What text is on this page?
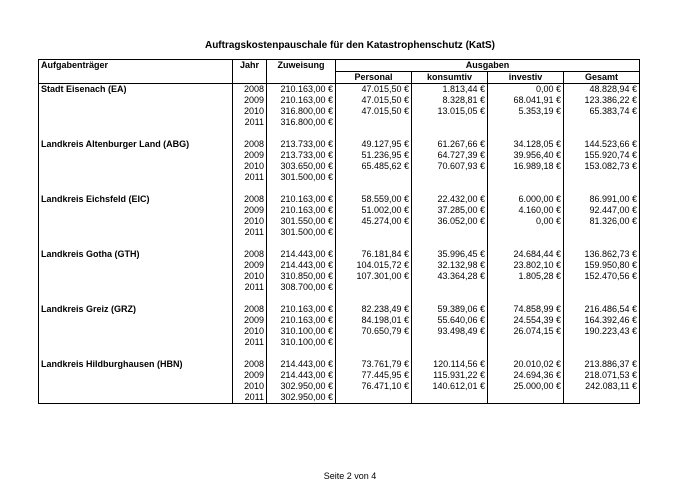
Auftragskostenpauschale für den Katastrophenschutz (KatS)
Aufgabenträger	Jahr	Zuweisung	Ausgaben			
			Personal	konsumtiv	investiv	Gesamt
Stadt Eisenach (EA)	2008	210.163,00 €	47.015,50 €	1.813,44 €	0,00 €	48.828,94 €
	2009	210.163,00 €	47.015,50 €	8.328,81 €	68.041,91 €	123.386,22 €
	2010	316.800,00 €	47.015,50 €	13.015,05 €	5.353,19 €	65.383,74 €
	2011	316.800,00 €				

Landkreis Altenburger Land (ABG)	2008	213.733,00 €	49.127,95 €	61.267,66 €	34.128,05 €	144.523,66 €
	2009	213.733,00 €	51.236,95 €	64.727,39 €	39.956,40 €	155.920,74 €
	2010	303.650,00 €	65.485,62 €	70.607,93 €	16.989,18 €	153.082,73 €
	2011	301.500,00 €				

Landkreis Eichsfeld (EIC)	2008	210.163,00 €	58.559,00 €	22.432,00 €	6.000,00 €	86.991,00 €
	2009	210.163,00 €	51.002,00 €	37.285,00 €	4.160,00 €	92.447,00 €
	2010	301.550,00 €	45.274,00 €	36.052,00 €	0,00 €	81.326,00 €
	2011	301.500,00 €				

Landkreis Gotha (GTH)	2008	214.443,00 €	76.181,84 €	35.996,45 €	24.684,44 €	136.862,73 €
	2009	214.443,00 €	104.015,72 €	32.132,98 €	23.802,10 €	159.950,80 €
	2010	310.850,00 €	107.301,00 €	43.364,28 €	1.805,28 €	152.470,56 €
	2011	308.700,00 €				

Landkreis Greiz (GRZ)	2008	210.163,00 €	82.238,49 €	59.389,06 €	74.858,99 €	216.486,54 €
	2009	210.163,00 €	84.198,01 €	55.640,06 €	24.554,39 €	164.392,46 €
	2010	310.100,00 €	70.650,79 €	93.498,49 €	26.074,15 €	190.223,43 €
	2011	310.100,00 €				

Landkreis Hildburghausen (HBN)	2008	214.443,00 €	73.761,79 €	120.114,56 €	20.010,02 €	213.886,37 €
	2009	214.443,00 €	77.445,95 €	115.931,22 €	24.694,36 €	218.071,53 €
	2010	302.950,00 €	76.471,10 €	140.612,01 €	25.000,00 €	242.083,11 €
	2011	302.950,00 €				
Seite 2 von 4
